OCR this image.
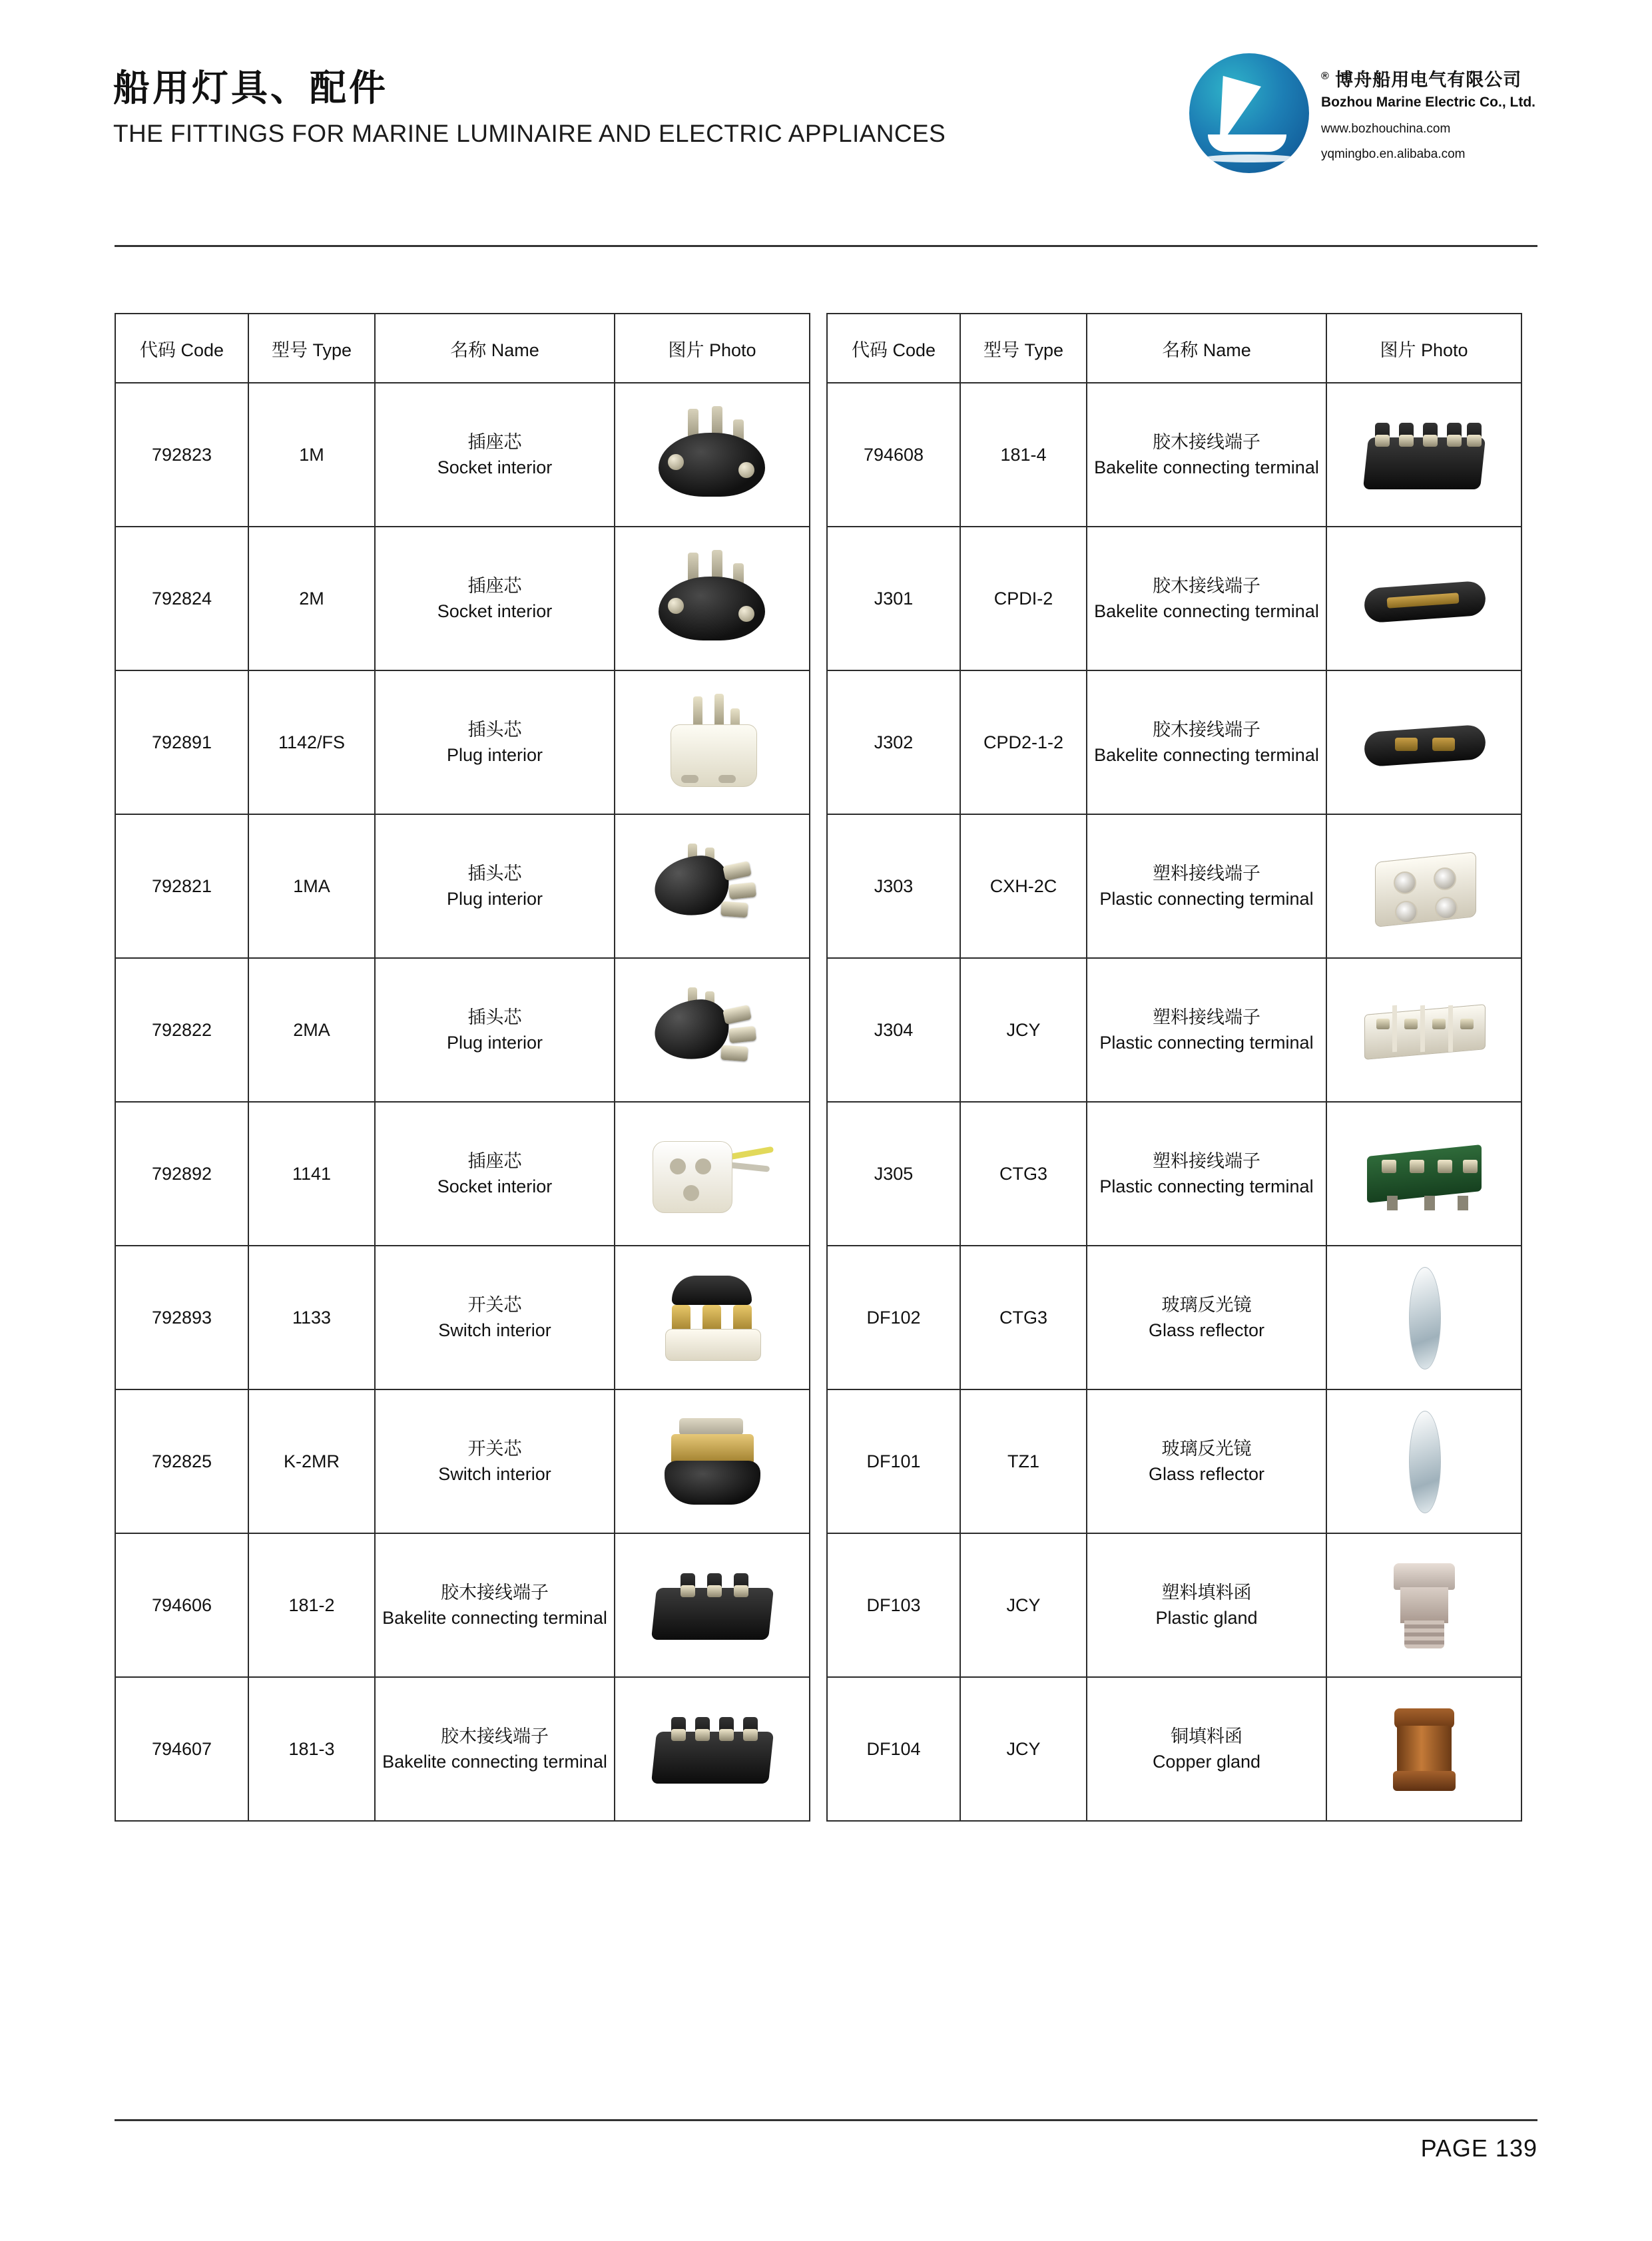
船用灯具、配件
THE FITTINGS FOR MARINE LUMINAIRE AND ELECTRIC APPLIANCES
® 博舟船用电气有限公司
Bozhou Marine Electric Co., Ltd.
www.bozhouchina.com
yqmingbo.en.alibaba.com
代码 Code	型号 Type	名称 Name	图片 Photo
792823	1M	插座芯
Socket interior	

792824	2M	插座芯
Socket interior	

792891	1142/FS	插头芯
Plug interior	

792821	1MA	插头芯
Plug interior	

792822	2MA	插头芯
Plug interior	

792892	1141	插座芯
Socket interior	

792893	1133	开关芯
Switch interior	

792825	K-2MR	开关芯
Switch interior	

794606	181-2	胶木接线端子
Bakelite connecting terminal	

794607	181-3	胶木接线端子
Bakelite connecting terminal	

代码 Code	型号 Type	名称 Name	图片 Photo
794608	181-4	胶木接线端子
Bakelite connecting terminal	

J301	CPDI-2	胶木接线端子
Bakelite connecting terminal	

J302	CPD2-1-2	胶木接线端子
Bakelite connecting terminal	

J303	CXH-2C	塑料接线端子
Plastic connecting terminal	

J304	JCY	塑料接线端子
Plastic connecting terminal	

J305	CTG3	塑料接线端子
Plastic connecting terminal	

DF102	CTG3	玻璃反光镜
Glass reflector	

DF101	TZ1	玻璃反光镜
Glass reflector	

DF103	JCY	塑料填料函
Plastic gland	

DF104	JCY	铜填料函
Copper gland	

PAGE 139
